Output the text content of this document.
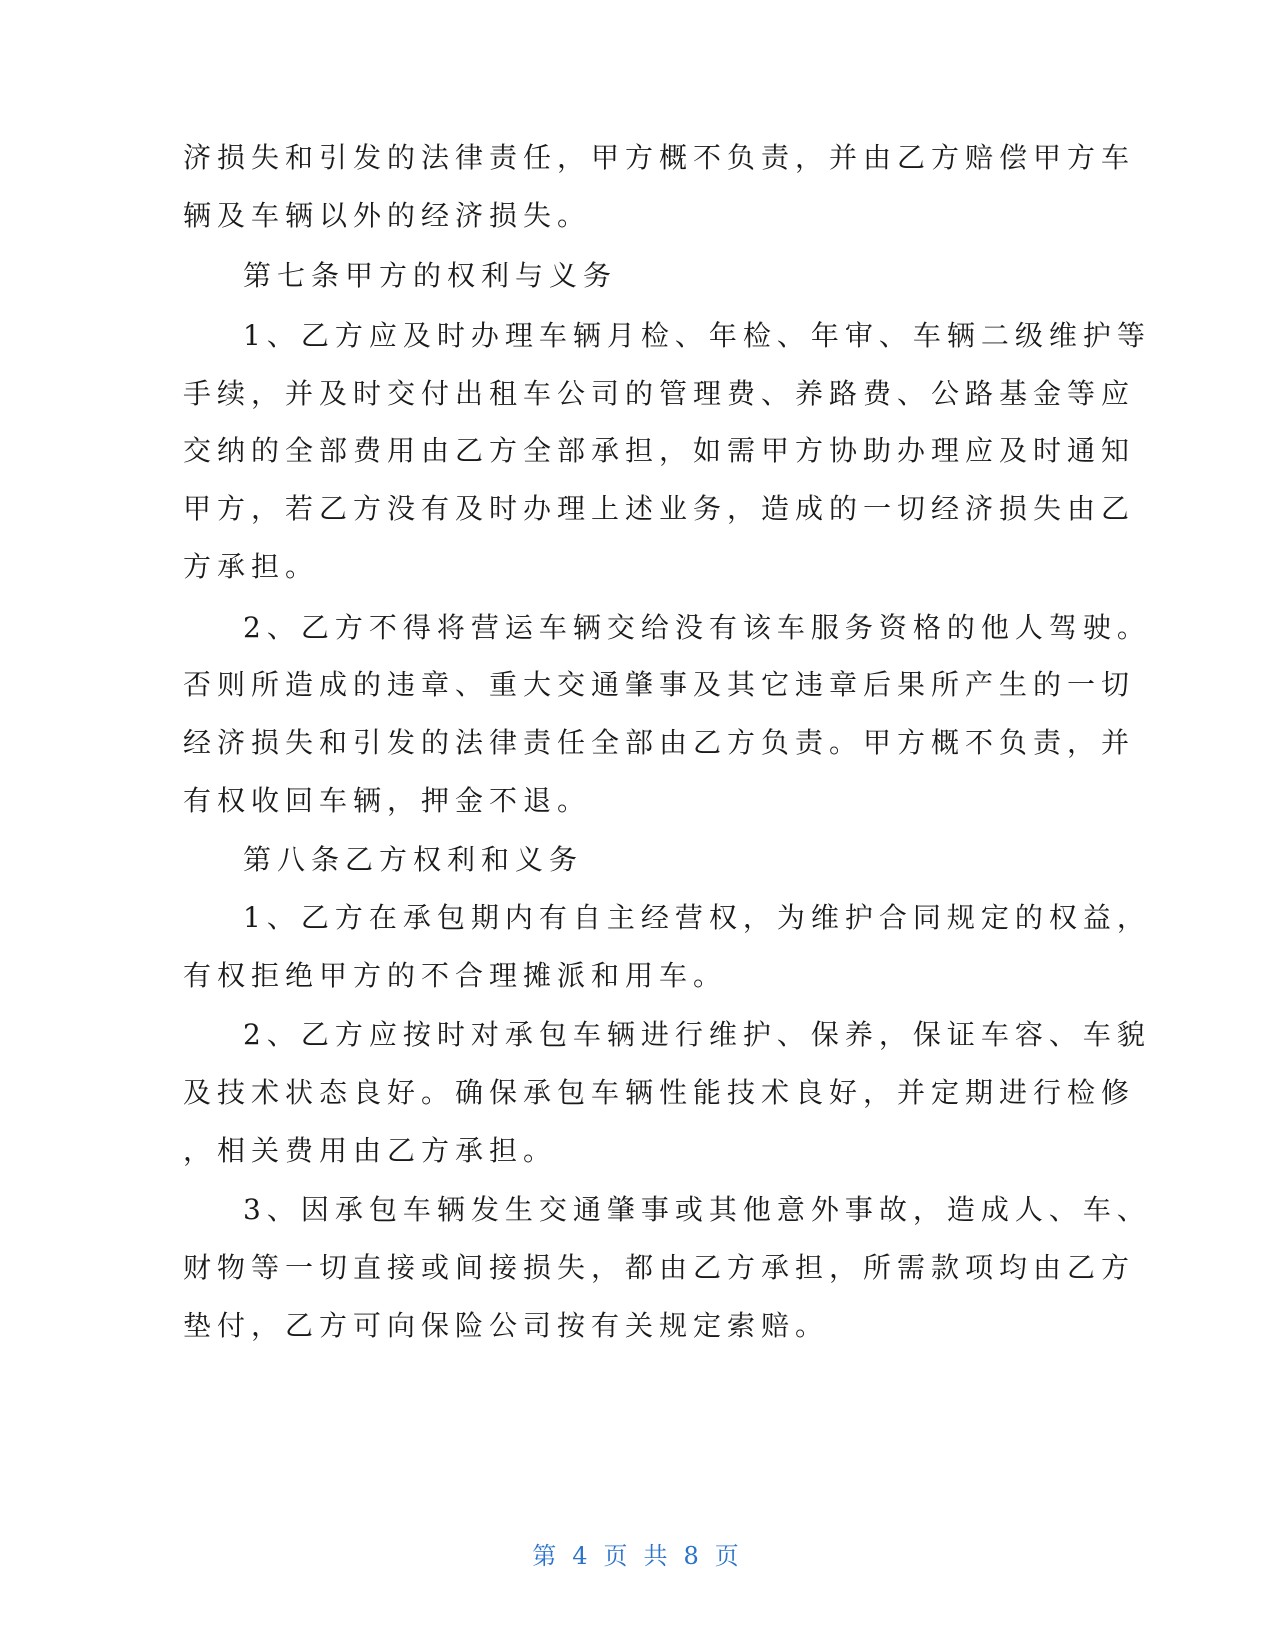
济损失和引发的法律责任，甲方概不负责，并由乙方赔偿甲方车
辆及车辆以外的经济损失。
第七条甲方的权利与义务
1、乙方应及时办理车辆月检、年检、年审、车辆二级维护等
手续，并及时交付出租车公司的管理费、养路费、公路基金等应
交纳的全部费用由乙方全部承担，如需甲方协助办理应及时通知
甲方，若乙方没有及时办理上述业务，造成的一切经济损失由乙
方承担。
2、乙方不得将营运车辆交给没有该车服务资格的他人驾驶。
否则所造成的违章、重大交通肇事及其它违章后果所产生的一切
经济损失和引发的法律责任全部由乙方负责。甲方概不负责，并
有权收回车辆，押金不退。
第八条乙方权利和义务
1、乙方在承包期内有自主经营权，为维护合同规定的权益，
有权拒绝甲方的不合理摊派和用车。
2、乙方应按时对承包车辆进行维护、保养，保证车容、车貌
及技术状态良好。确保承包车辆性能技术良好，并定期进行检修
，相关费用由乙方承担。
3、因承包车辆发生交通肇事或其他意外事故，造成人、车、
财物等一切直接或间接损失，都由乙方承担，所需款项均由乙方
垫付，乙方可向保险公司按有关规定索赔。
第 4 页 共 8 页
